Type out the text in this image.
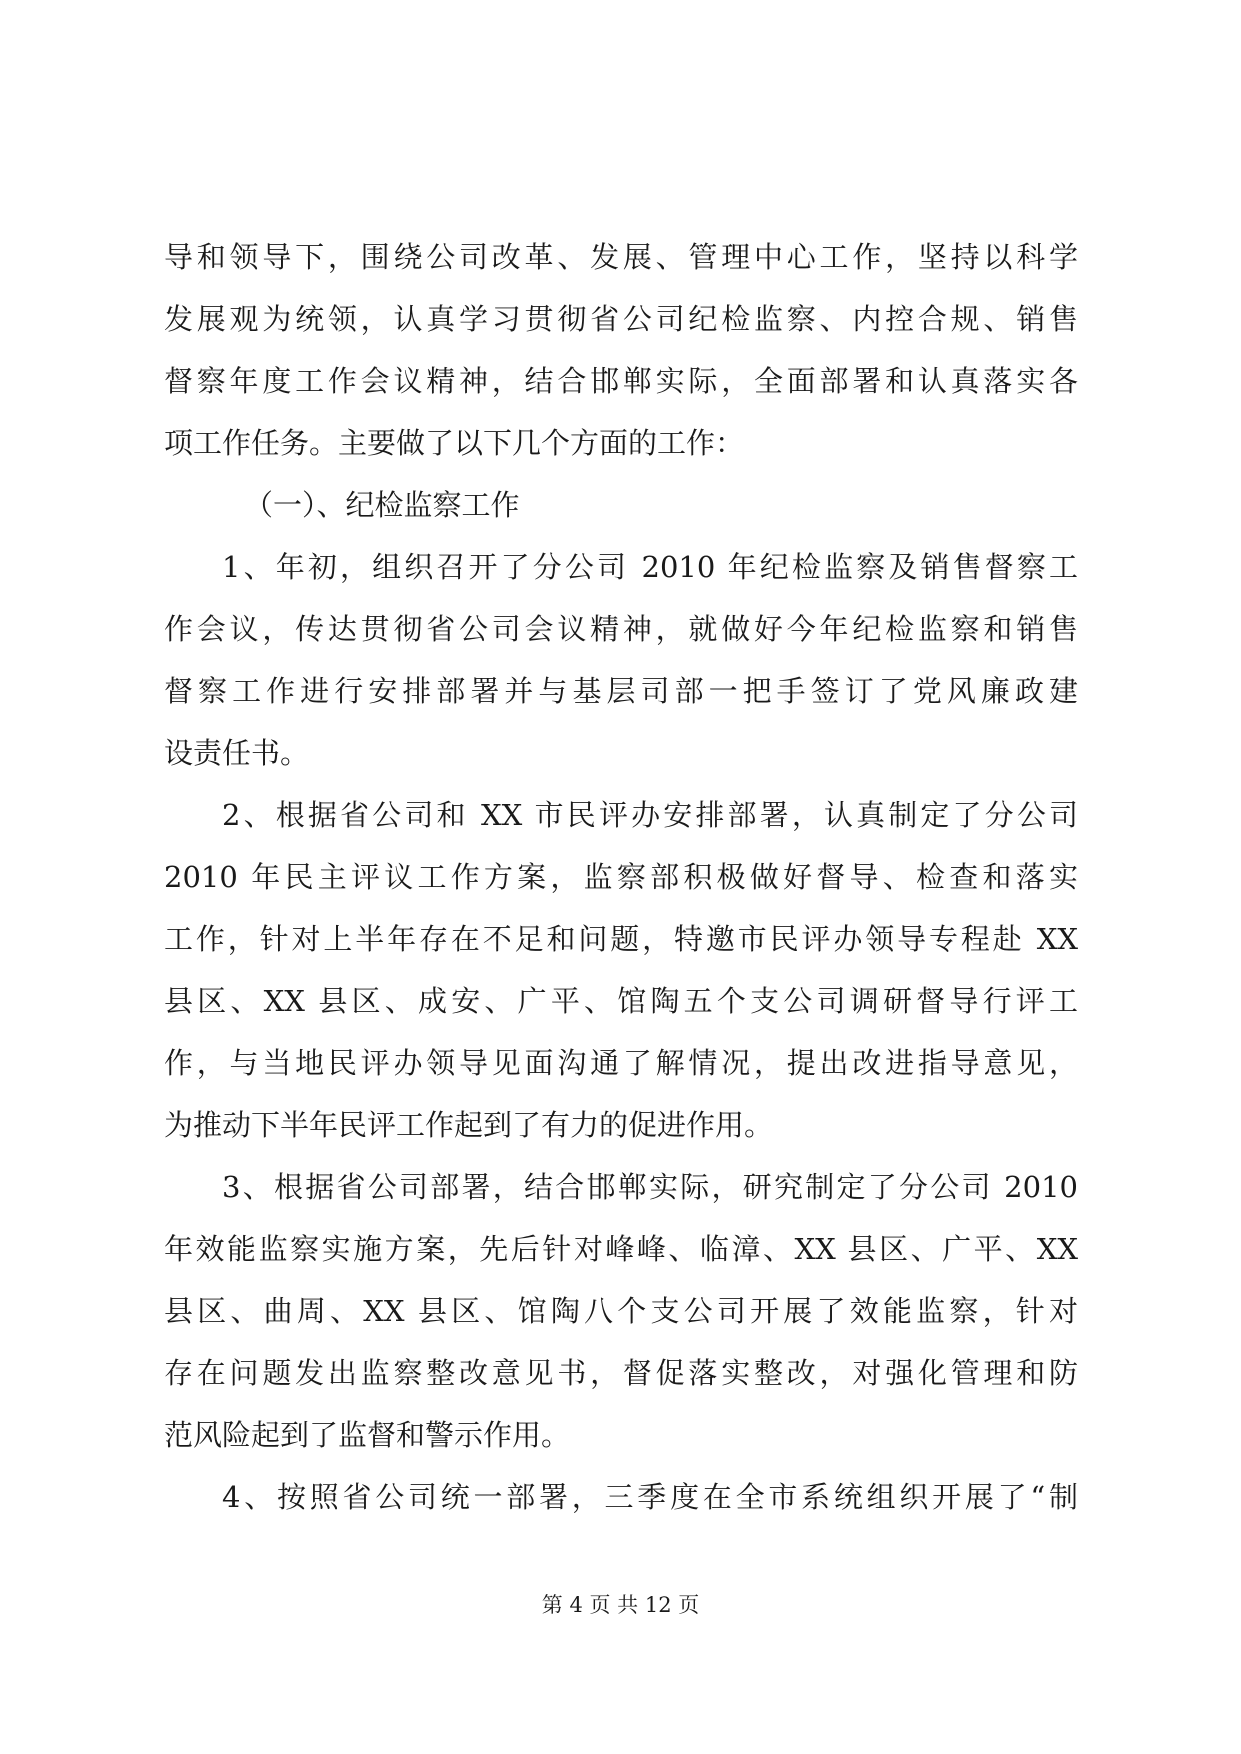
导和领导下，围绕公司改革、发展、管理中心工作，坚持以科学
发展观为统领，认真学习贯彻省公司纪检监察、内控合规、销售
督察年度工作会议精神，结合邯郸实际，全面部署和认真落实各
项工作任务。主要做了以下几个方面的工作：
（一）、纪检监察工作
1、年初，组织召开了分公司 2010 年纪检监察及销售督察工
作会议，传达贯彻省公司会议精神，就做好今年纪检监察和销售
督察工作进行安排部署并与基层司部一把手签订了党风廉政建
设责任书。
2、根据省公司和 XX 市民评办安排部署，认真制定了分公司
2010 年民主评议工作方案，监察部积极做好督导、检查和落实
工作，针对上半年存在不足和问题，特邀市民评办领导专程赴 XX
县区、XX 县区、成安、广平、馆陶五个支公司调研督导行评工
作，与当地民评办领导见面沟通了解情况，提出改进指导意见，
为推动下半年民评工作起到了有力的促进作用。
3、根据省公司部署，结合邯郸实际，研究制定了分公司 2010
年效能监察实施方案，先后针对峰峰、临漳、XX 县区、广平、XX
县区、曲周、XX 县区、馆陶八个支公司开展了效能监察，针对
存在问题发出监察整改意见书，督促落实整改，对强化管理和防
范风险起到了监督和警示作用。
4、按照省公司统一部署，三季度在全市系统组织开展了“制
第 4 页 共 12 页
